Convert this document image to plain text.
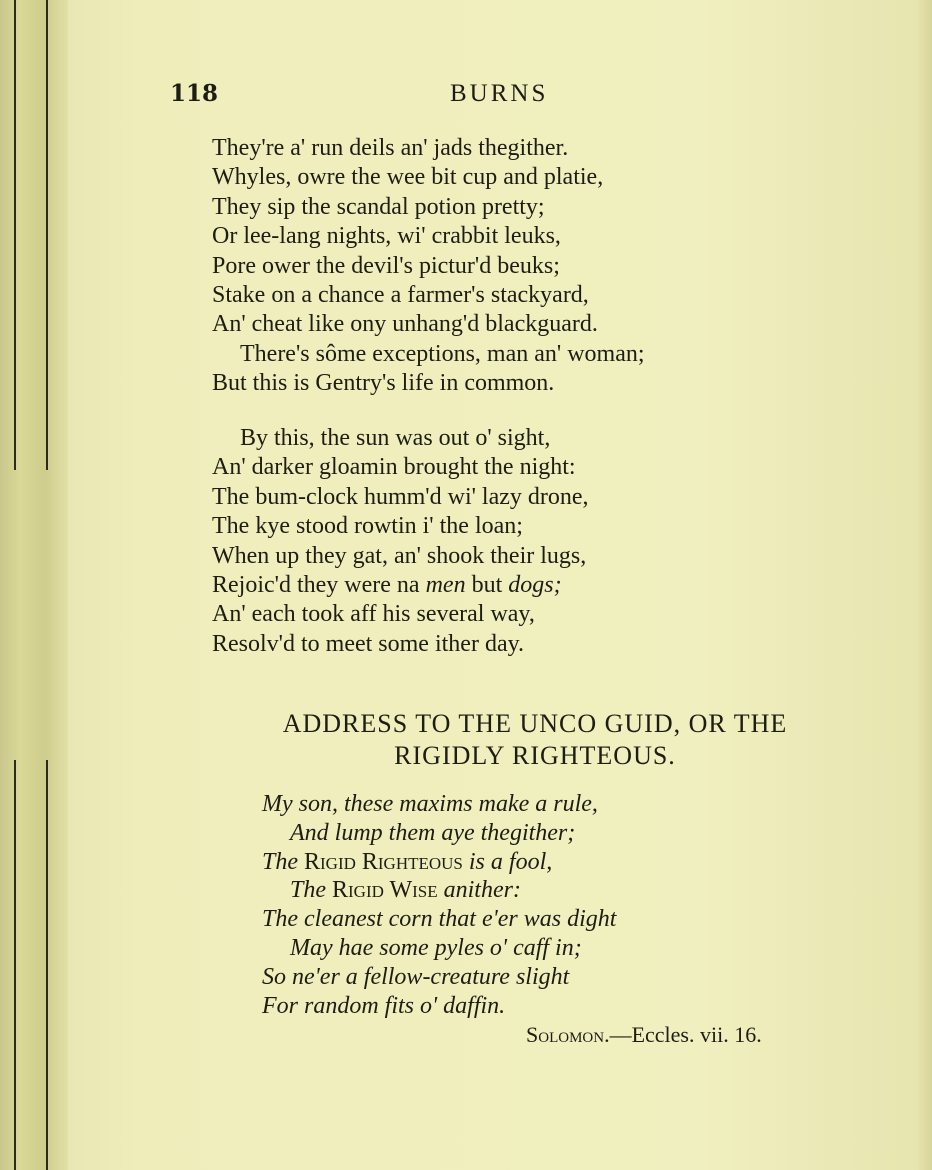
118	BURNS
They're a' run deils an' jads thegither.
Whyles, owre the wee bit cup and platie,
They sip the scandal potion pretty;
Or lee-lang nights, wi' crabbit leuks,
Pore ower the devil's pictur'd beuks;
Stake on a chance a farmer's stackyard,
An' cheat like ony unhang'd blackguard.
There's sôme exceptions, man an' woman;
But this is Gentry's life in common.
By this, the sun was out o' sight,
An' darker gloamin brought the night:
The bum-clock humm'd wi' lazy drone,
The kye stood rowtin i' the loan;
When up they gat, an' shook their lugs,
Rejoic'd they were na men but dogs;
An' each took aff his several way,
Resolv'd to meet some ither day.
ADDRESS TO THE UNCO GUID, OR THE
RIGIDLY RIGHTEOUS.
My son, these maxims make a rule,
And lump them aye thegither;
The Rigid Righteous is a fool,
The Rigid Wise anither:
The cleanest corn that e'er was dight
May hae some pyles o' caff in;
So ne'er a fellow-creature slight
For random fits o' daffin.
Solomon.—Eccles. vii. 16.
